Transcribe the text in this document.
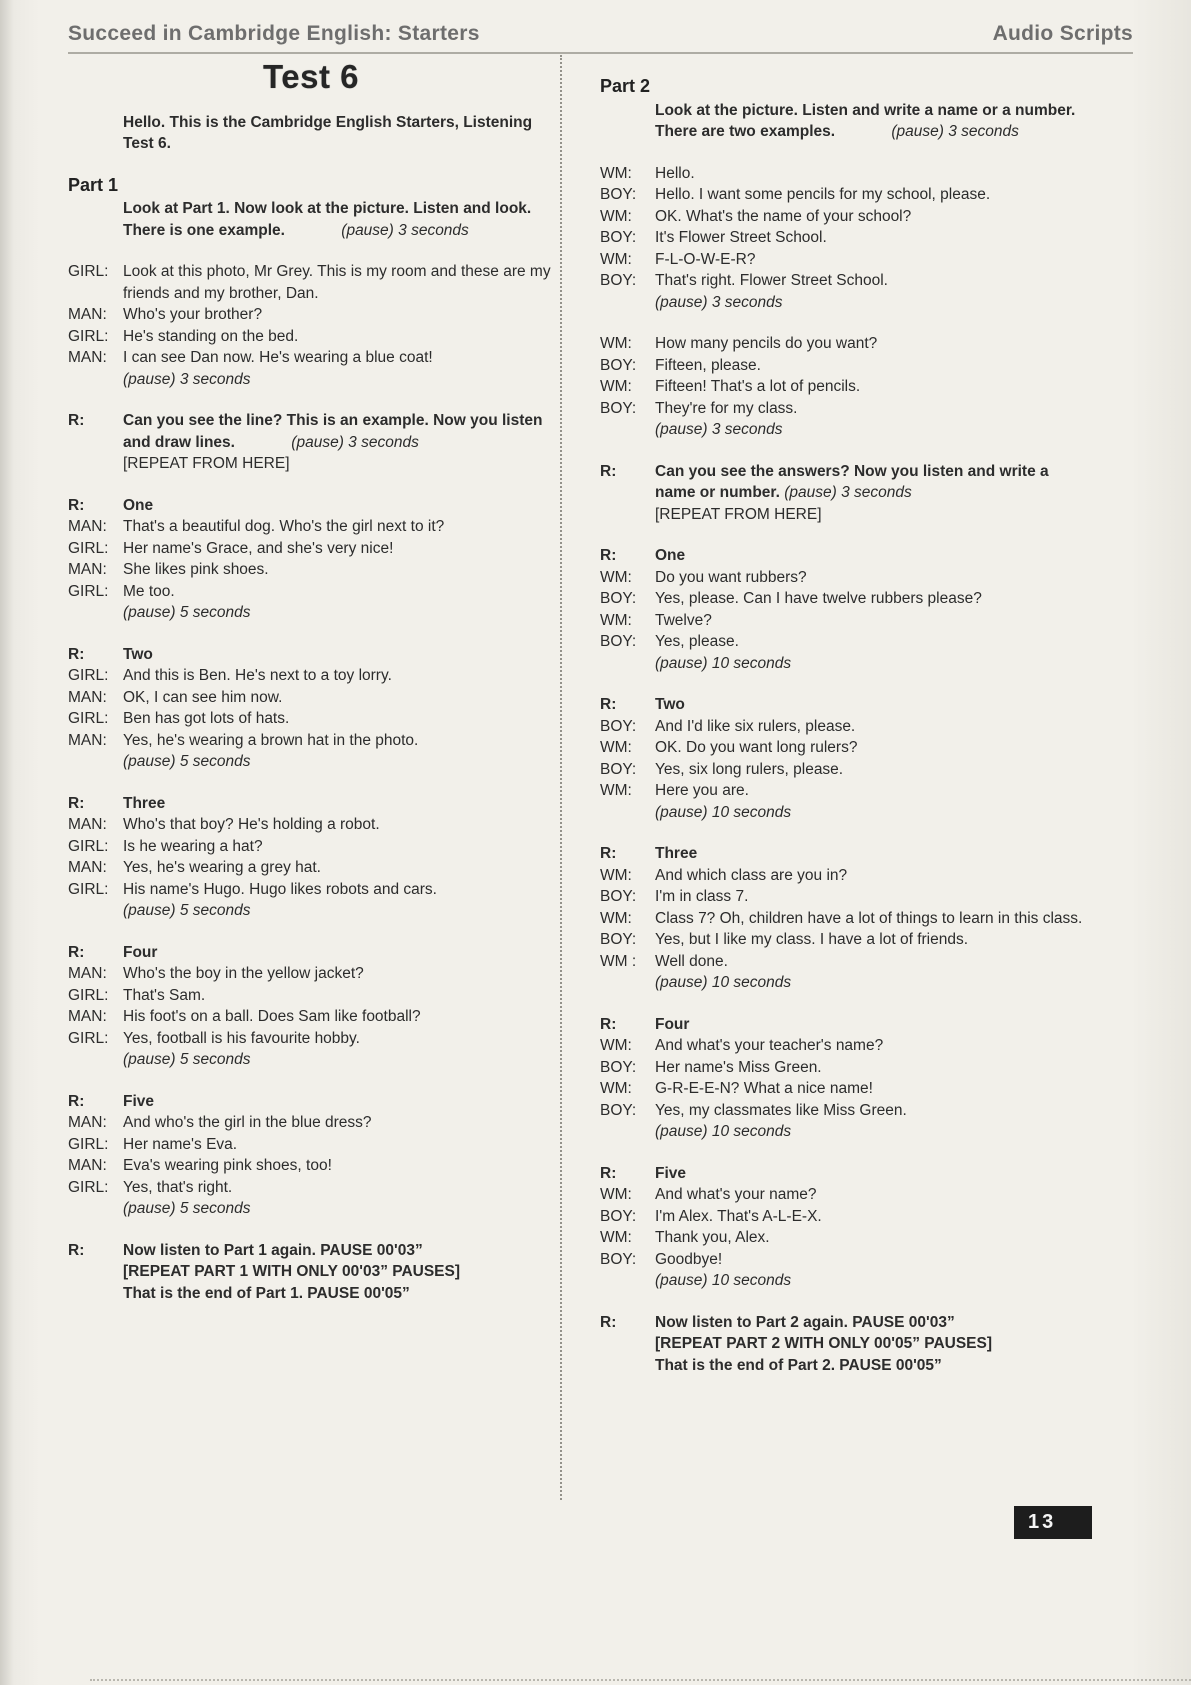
Succeed in Cambridge English: Starters	Audio Scripts
Test 6
Hello. This is the Cambridge English Starters, Listening Test 6.
Part 1
Look at Part 1. Now look at the picture. Listen and look. There is one example.	(pause) 3 seconds
GIRL: Look at this photo, Mr Grey. This is my room and these are my friends and my brother, Dan.
MAN:	Who's your brother?
GIRL: He's standing on the bed.
MAN:	I can see Dan now. He's wearing a blue coat!
(pause) 3 seconds
R:	Can you see the line? This is an example. Now you listen and draw lines.	(pause) 3 seconds
[REPEAT FROM HERE]
R:	One
MAN:	That's a beautiful dog. Who's the girl next to it?
GIRL: Her name's Grace, and she's very nice!
MAN:	She likes pink shoes.
GIRL: Me too.
(pause) 5 seconds
R:	Two
GIRL: And this is Ben. He's next to a toy lorry.
MAN:	OK, I can see him now.
GIRL: Ben has got lots of hats.
MAN:	Yes, he's wearing a brown hat in the photo.
(pause) 5 seconds
R:	Three
MAN:	Who's that boy? He's holding a robot.
GIRL: Is he wearing a hat?
MAN:	Yes, he's wearing a grey hat.
GIRL: His name's Hugo. Hugo likes robots and cars.
(pause) 5 seconds
R:	Four
MAN:	Who's the boy in the yellow jacket?
GIRL: That's Sam.
MAN:	His foot's on a ball. Does Sam like football?
GIRL: Yes, football is his favourite hobby.
(pause) 5 seconds
R:	Five
MAN:	And who's the girl in the blue dress?
GIRL: Her name's Eva.
MAN:	Eva's wearing pink shoes, too!
GIRL: Yes, that's right.
(pause) 5 seconds
R:	Now listen to Part 1 again. PAUSE 00'03”
[REPEAT PART 1 WITH ONLY 00'03” PAUSES]
That is the end of Part 1. PAUSE 00'05”
Part 2
Look at the picture. Listen and write a name or a number. There are two examples.	(pause) 3 seconds
WM:	Hello.
BOY:	Hello. I want some pencils for my school, please.
WM:	OK. What's the name of your school?
BOY:	It's Flower Street School.
WM:	F-L-O-W-E-R?
BOY:	That's right. Flower Street School.
(pause) 3 seconds
WM:	How many pencils do you want?
BOY:	Fifteen, please.
WM:	Fifteen! That's a lot of pencils.
BOY:	They're for my class.
(pause) 3 seconds
R:	Can you see the answers? Now you listen and write a name or number. (pause) 3 seconds
[REPEAT FROM HERE]
R:	One
WM:	Do you want rubbers?
BOY:	Yes, please. Can I have twelve rubbers please?
WM:	Twelve?
BOY:	Yes, please.
(pause) 10 seconds
R:	Two
BOY:	And I'd like six rulers, please.
WM:	OK. Do you want long rulers?
BOY:	Yes, six long rulers, please.
WM:	Here you are.
(pause) 10 seconds
R:	Three
WM:	And which class are you in?
BOY:	I'm in class 7.
WM:	Class 7? Oh, children have a lot of things to learn in this class.
BOY:	Yes, but I like my class. I have a lot of friends.
WM :	Well done.
(pause) 10 seconds
R:	Four
WM:	And what's your teacher's name?
BOY:	Her name's Miss Green.
WM:	G-R-E-E-N? What a nice name!
BOY:	Yes, my classmates like Miss Green.
(pause) 10 seconds
R:	Five
WM:	And what's your name?
BOY:	I'm Alex. That's A-L-E-X.
WM:	Thank you, Alex.
BOY:	Goodbye!
(pause) 10 seconds
R:	Now listen to Part 2 again. PAUSE 00'03”
[REPEAT PART 2 WITH ONLY 00'05” PAUSES]
That is the end of Part 2. PAUSE 00'05”
13
